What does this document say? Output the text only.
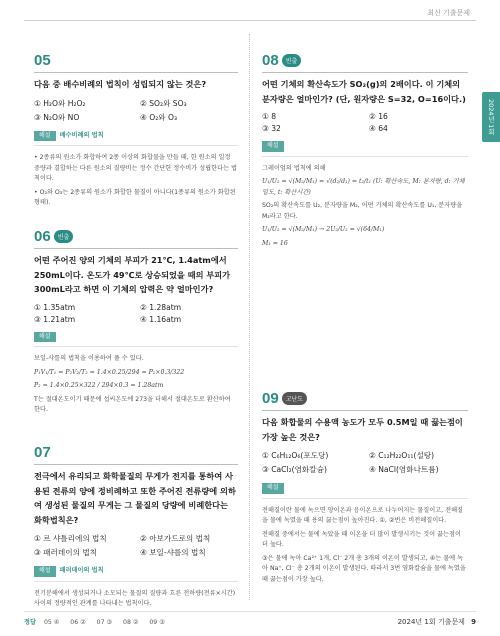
최신 기출문제
2024년 1회
05
다음 중 배수비례의 법칙이 성립되지 않는 것은?
① H₂O와 H₂O₂	② SO₂와 SO₃
③ N₂O와 NO	④ O₂와 O₃
해설 배수비례의 법칙

• 2종류의 원소가 화합하여 2종 이상의 화합물을 만들 때, 한 원소의 일정 중량과 결합하는 다른 원소의 질량비는 정수 간단한 정수비가 성립한다는 법칙이다.

• O₂와 O₃는 2종류의 원소가 화합한 물질이 아니다(1종류의 원소가 화합된 형태).

06 빈출
어떤 주어진 양의 기체의 부피가 21℃, 1.4atm에서 250mL이다. 온도가 49℃로 상승되었을 때의 부피가 300mL라고 하면 이 기체의 압력은 약 얼마인가?
① 1.35atm	② 1.28atm
③ 1.21atm	④ 1.16atm
해설

보일-샤를의 법칙을 이용하여 풀 수 있다.

P₁V₁/T₁ = P₂V₂/T₂ = 1.4×0.25/294 = P₂×0.3/322

P₂ = 1.4×0.25×322 / 294×0.3 = 1.28atm

T는 절대온도이기 때문에 섭씨온도에 273을 더해서 절대온도로 환산하여 한다.

07
전극에서 유리되고 화학물질의 무게가 전지를 통하여 사용된 전류의 양에 정비례하고 또한 주어진 전류량에 의하여 생성된 물질의 무게는 그 물질의 당량에 비례한다는 화학법칙은?
① 르 샤틀리에의 법칙	② 아보가드로의 법칙
③ 패러데이의 법칙	④ 보일-샤를의 법칙
해설 패러데이의 법칙

전기분해에서 생성되거나 소모되는 물질의 질량과 흐른 전하량(전류×시간) 사이의 정량적인 관계를 나타내는 법칙이다.

08 빈출
어떤 기체의 확산속도가 SO₂(g)의 2배이다. 이 기체의 분자량은 얼마인가? (단, 원자량은 S=32, O=16이다.)
① 8	② 16
③ 32	④ 64
해설

그레이엄의 법칙에 의해

U₁/U₂ = √(M₂/M₁) = √(d₂/d₁) = t₂/t₁ (U: 확산속도, M: 분자량, d: 기체밀도, t: 확산시간)

SO₂의 확산속도를 U₂, 분자량을 M₂, 어떤 기체의 확산속도를 U₁, 분자량을 M₁라고 한다.

U₁/U₂ = √(M₂/M₁) → 2U₂/U₂ = √(64/M₁)

M₁ = 16

09 고난도
다음 화합물의 수용액 농도가 모두 0.5M일 때 끓는점이 가장 높은 것은?
① C₆H₁₂O₆(포도당)	② C₁₂H₂₂O₁₁(설탕)
③ CaCl₂(염화칼슘)	④ NaCl(염화나트륨)
해설

전해질이란 물에 녹으면 양이온과 음이온으로 나누어지는 물질이고, 전해질을 물에 녹였을 때 용의 끓는점이 높아진다. ①, ②번은 비전해질이다.

전해질 중에서는 물에 녹았을 때 이온을 더 많이 발생시키는 것이 끓는점이 더 높다.

③은 물에 녹아 Ca²⁺ 1개, Cl⁻ 2개 총 3개의 이온이 발생되고, ④는 물에 녹아 Na⁺, Cl⁻ 총 2개의 이온이 발생된다. 따라서 3번 염화칼슘을 물에 녹였을 때 끓는점이 가장 높다.

정답 05 ④ 06 ② 07 ③ 08 ② 09 ③	2024년 1회 기출문제 9
